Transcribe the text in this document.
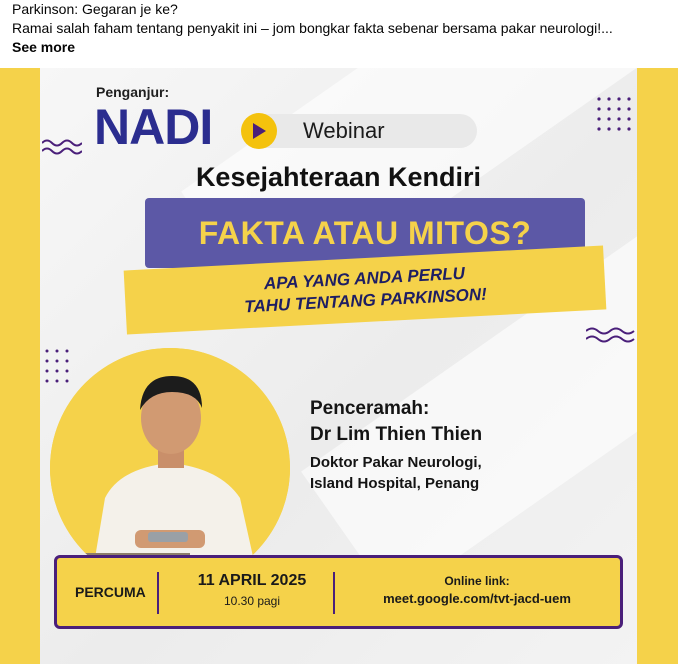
Parkinson: Gegaran je ke?
Ramai salah faham tentang penyakit ini – jom bongkar fakta sebenar bersama pakar neurologi!...
See more
Penganjur:
NADI	Webinar
Kesejahteraan Kendiri
FAKTA ATAU MITOS?
APA YANG ANDA PERLU
TAHU TENTANG PARKINSON!
Penceramah:
Dr Lim Thien Thien
Doktor Pakar Neurologi,
Island Hospital, Penang
PERCUMA
11 APRIL 2025
10.30 pagi
Online link:
meet.google.com/tvt-jacd-uem
